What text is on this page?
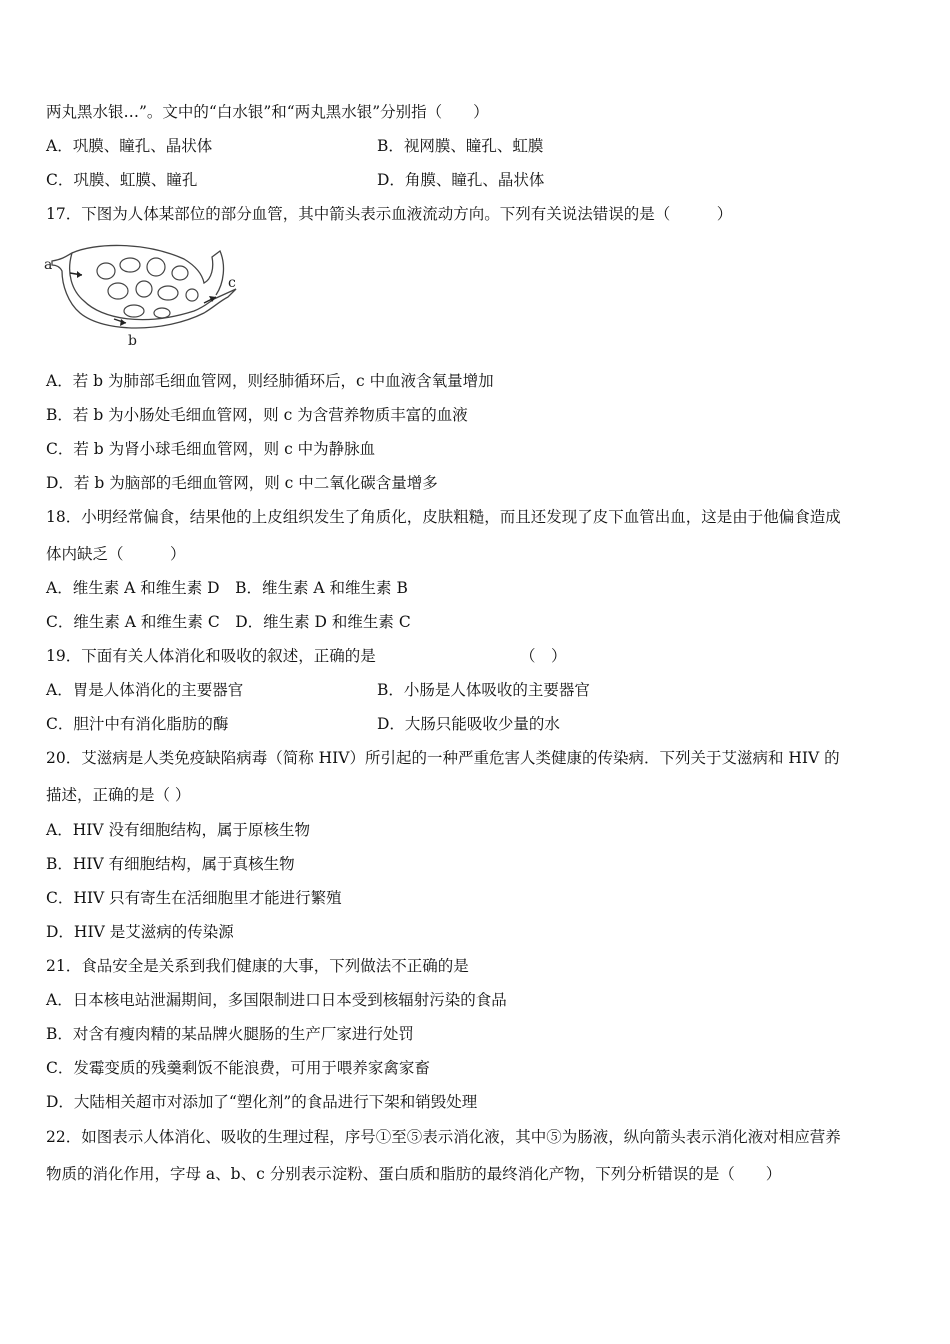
两丸黑水银…”。文中的“白水银”和“两丸黑水银”分别指（　　）
A．巩膜、瞳孔、晶状体	B．视网膜、瞳孔、虹膜
C．巩膜、虹膜、瞳孔	D．角膜、瞳孔、晶状体
17．下图为人体某部位的部分血管，其中箭头表示血液流动方向。下列有关说法错误的是（　　　）
a
b
c
A．若 b 为肺部毛细血管网，则经肺循环后，c 中血液含氧量增加
B．若 b 为小肠处毛细血管网，则 c 为含营养物质丰富的血液
C．若 b 为肾小球毛细血管网，则 c 中为静脉血
D．若 b 为脑部的毛细血管网，则 c 中二氧化碳含量增多
18．小明经常偏食，结果他的上皮组织发生了角质化，皮肤粗糙，而且还发现了皮下血管出血，这是由于他偏食造成
体内缺乏（　　　）
A．维生素 A 和维生素 D　B．维生素 A 和维生素 B
C．维生素 A 和维生素 C　D．维生素 D 和维生素 C
19．下面有关人体消化和吸收的叙述，正确的是	（　）
A．胃是人体消化的主要器官	B．小肠是人体吸收的主要器官
C．胆汁中有消化脂肪的酶	D．大肠只能吸收少量的水
20．艾滋病是人类免疫缺陷病毒（简称 HIV）所引起的一种严重危害人类健康的传染病．下列关于艾滋病和 HIV 的
描述，正确的是（ ）
A．HIV 没有细胞结构，属于原核生物
B．HIV 有细胞结构，属于真核生物
C．HIV 只有寄生在活细胞里才能进行繁殖
D．HIV 是艾滋病的传染源
21．食品安全是关系到我们健康的大事，下列做法不正确的是
A．日本核电站泄漏期间，多国限制进口日本受到核辐射污染的食品
B．对含有瘦肉精的某品牌火腿肠的生产厂家进行处罚
C．发霉变质的残羹剩饭不能浪费，可用于喂养家禽家畜
D．大陆相关超市对添加了“塑化剂”的食品进行下架和销毁处理
22．如图表示人体消化、吸收的生理过程，序号①至⑤表示消化液，其中⑤为肠液，纵向箭头表示消化液对相应营养
物质的消化作用，字母 a、b、c 分别表示淀粉、蛋白质和脂肪的最终消化产物，下列分析错误的是（　　）
